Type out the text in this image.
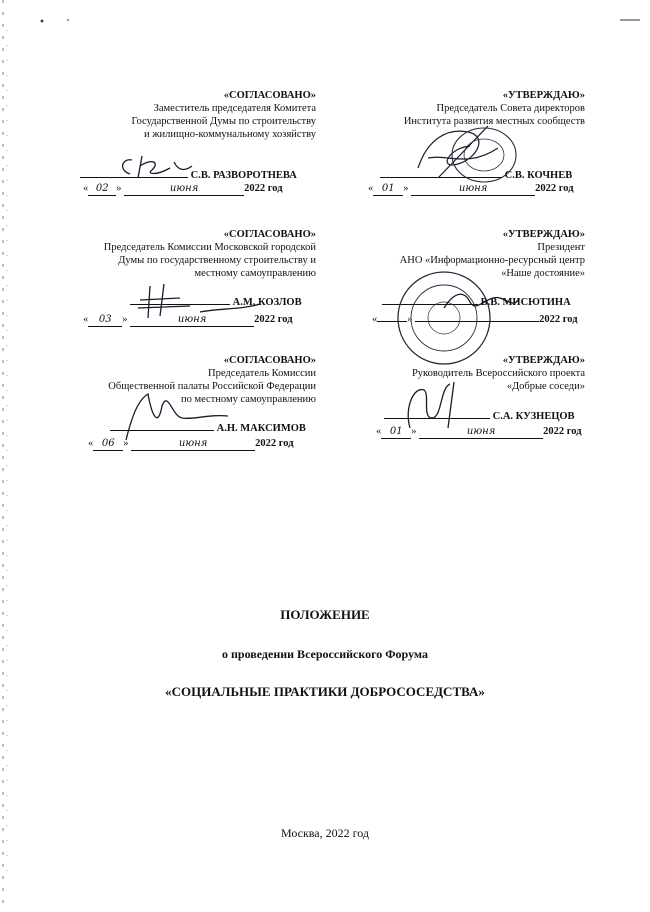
«СОГЛАСОВАНО»
Заместитель председателя Комитета
Государственной Думы по строительству
и жилищно-коммунальному хозяйству
С.В. РАЗВОРОТНЕВА
« 02 »	июня	2022 год
«СОГЛАСОВАНО»
Председатель Комиссии Московской городской
Думы по государственному строительству и
местному самоуправлению
А.М. КОЗЛОВ
« 03 »	июня	2022 год
«СОГЛАСОВАНО»
Председатель Комиссии
Общественной палаты Российской Федерации
по местному самоуправлению
А.Н. МАКСИМОВ
« 06 »	июня	2022 год
«УТВЕРЖДАЮ»
Председатель Совета директоров
Института развития местных сообществ
С.В. КОЧНЕВ
« 01 »	июня	2022 год
«УТВЕРЖДАЮ»
Президент
АНО «Информационно-ресурсный центр
«Наше достояние»
В.В. МИСЮТИНА
«	»	2022 год
«УТВЕРЖДАЮ»
Руководитель Всероссийского проекта
«Добрые соседи»
С.А. КУЗНЕЦОВ
« 01 »	июня	2022 год
ПОЛОЖЕНИЕ
о проведении Всероссийского Форума
«СОЦИАЛЬНЫЕ ПРАКТИКИ ДОБРОСОСЕДСТВА»
Москва, 2022 год
